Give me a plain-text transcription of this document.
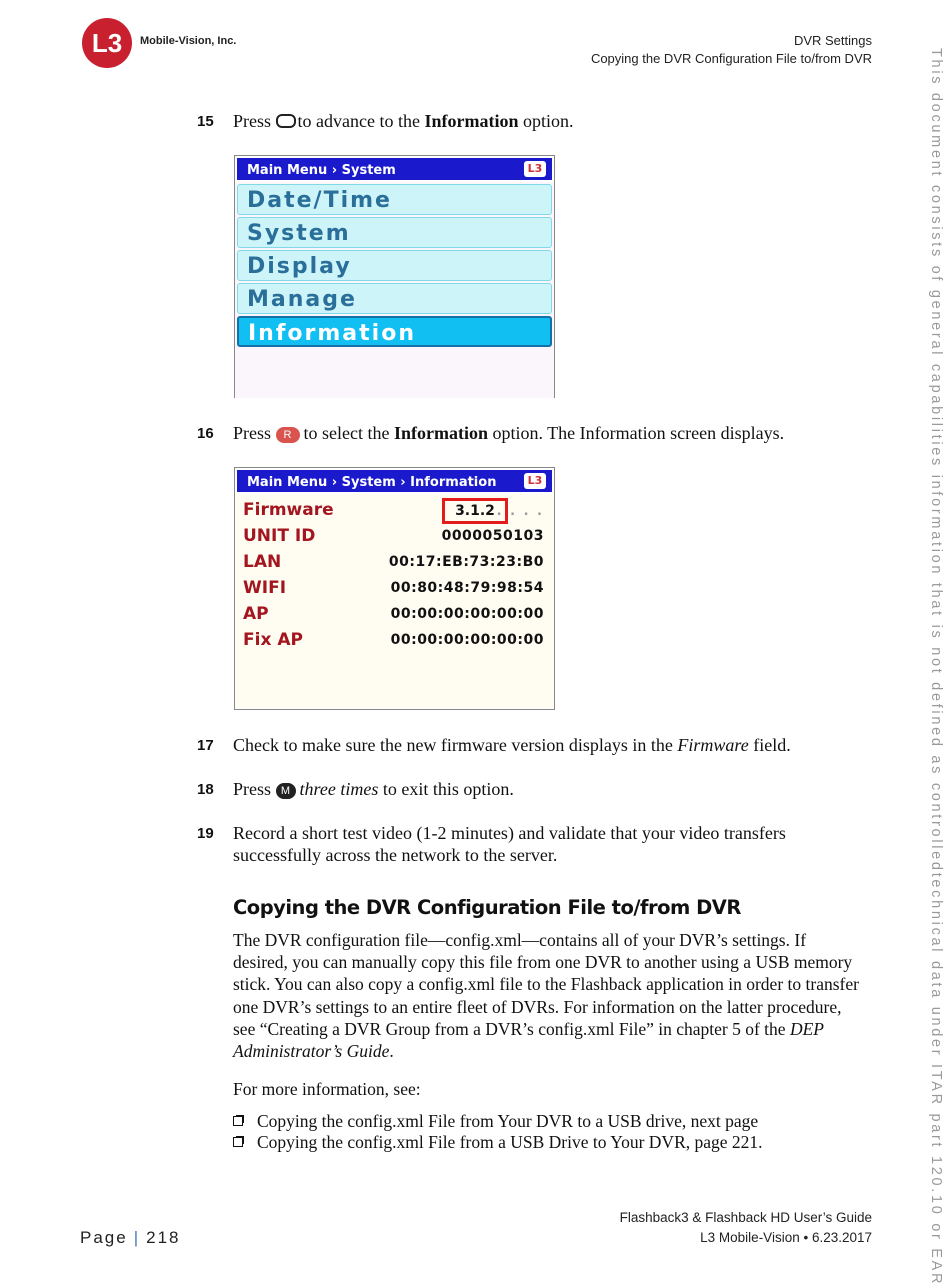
L3 Mobile-Vision, Inc.	DVR Settings
Copying the DVR Configuration File to/from DVR	This document consists of general capabilities information that is not defined as controlledtechnical data under ITAR part 120.10 or EAR
15 Press to advance to the Information option.
Main Menu › System	L3
Date/Time
System
Display
Manage
Information
16 Press R to select the Information option. The Information screen displays.
Main Menu › System › Information	L3
Firmware	3.1.2 . . . .
UNIT ID	0000050103
LAN	00:17:EB:73:23:B0
WIFI	00:80:48:79:98:54
AP	00:00:00:00:00:00
Fix AP	00:00:00:00:00:00
17 Check to make sure the new firmware version displays in the Firmware field.
18 Press M three times to exit this option.
19 Record a short test video (1-2 minutes) and validate that your video transfers successfully across the network to the server.
Copying the DVR Configuration File to/from DVR
The DVR configuration file—config.xml—contains all of your DVR’s settings. If desired, you can manually copy this file from one DVR to another using a USB memory stick. You can also copy a config.xml file to the Flashback application in order to transfer one DVR’s settings to an entire fleet of DVRs. For information on the latter procedure, see “Creating a DVR Group from a DVR’s config.xml File” in chapter 5 of the DEP Administrator’s Guide.
For more information, see:
Copying the config.xml File from Your DVR to a USB drive, next page
Copying the config.xml File from a USB Drive to Your DVR, page 221.
Page | 218
Flashback3 & Flashback HD User’s Guide
L3 Mobile-Vision • 6.23.2017
